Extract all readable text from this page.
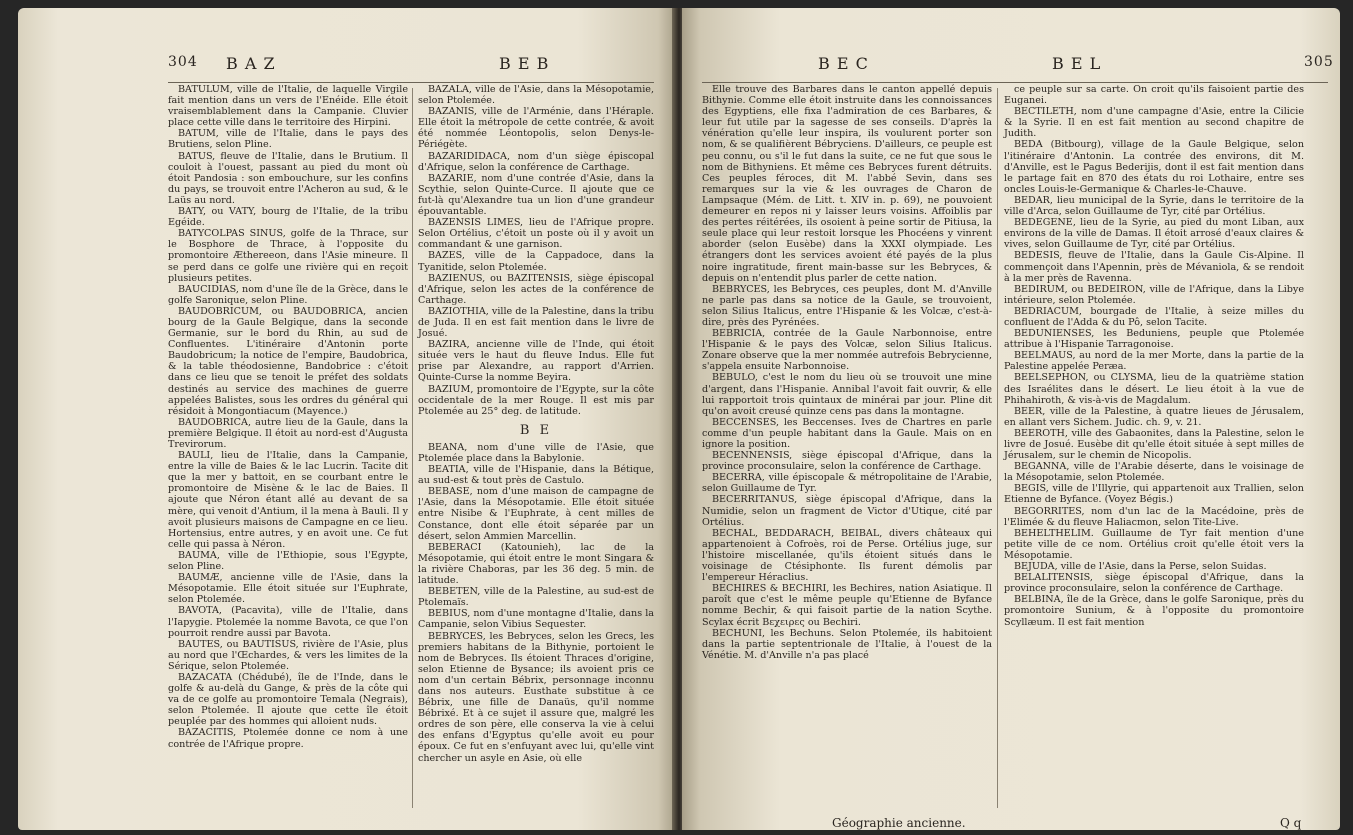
304 B A Z	B E B

BATULUM, ville de l'Italie, de laquelle Virgile fait mention dans un vers de l'Enéide. Elle étoit vraisemblablement dans la Campanie. Cluvier place cette ville dans le territoire des Hirpini.

BATUM, ville de l'Italie, dans le pays des Brutiens, selon Pline.

BATUS, fleuve de l'Italie, dans le Brutium. Il couloit à l'ouest, passant au pied du mont où étoit Pandosia : son embouchure, sur les confins du pays, se trouvoit entre l'Acheron au sud, & le Laüs au nord.

BATY, ou VATY, bourg de l'Italie, de la tribu Egéide.

BATYCOLPAS SINUS, golfe de la Thrace, sur le Bosphore de Thrace, à l'opposite du promontoire Æthereeon, dans l'Asie mineure. Il se perd dans ce golfe une rivière qui en reçoit plusieurs petites.

BAUCIDIAS, nom d'une île de la Grèce, dans le golfe Saronique, selon Pline.

BAUDOBRICUM, ou BAUDOBRICA, ancien bourg de la Gaule Belgique, dans la seconde Germanie, sur le bord du Rhin, au sud de Confluentes. L'itinéraire d'Antonin porte Baudobricum; la notice de l'empire, Baudobrica, & la table théodosienne, Bandobrice : c'étoit dans ce lieu que se tenoit le préfet des soldats destinés au service des machines de guerre appelées Balistes, sous les ordres du général qui résidoit à Mongontiacum (Mayence.)

BAUDOBRICA, autre lieu de la Gaule, dans la première Belgique. Il étoit au nord-est d'Augusta Trevirorum.

BAULI, lieu de l'Italie, dans la Campanie, entre la ville de Baies & le lac Lucrin. Tacite dit que la mer y battoit, en se courbant entre le promontoire de Misène & le lac de Baies. Il ajoute que Néron étant allé au devant de sa mère, qui venoit d'Antium, il la mena à Bauli. Il y avoit plusieurs maisons de Campagne en ce lieu. Hortensius, entre autres, y en avoit une. Ce fut celle qui passa à Néron.

BAUMA, ville de l'Ethiopie, sous l'Egypte, selon Pline.

BAUMÆ, ancienne ville de l'Asie, dans la Mésopotamie. Elle étoit située sur l'Euphrate, selon Ptolemée.

BAVOTA, (Pacavita), ville de l'Italie, dans l'Iapygie. Ptolemée la nomme Bavota, ce que l'on pourroit rendre aussi par Bavota.

BAUTES, ou BAUTISUS, rivière de l'Asie, plus au nord que l'Œchardes, & vers les limites de la Sérique, selon Ptolemée.

BAZACATA (Chédubé), île de l'Inde, dans le golfe & au-delà du Gange, & près de la côte qui va de ce golfe au promontoire Temala (Negrais), selon Ptolemée. Il ajoute que cette île étoit peuplée par des hommes qui alloient nuds.

BAZACITIS, Ptolemée donne ce nom à une contrée de l'Afrique propre.

BAZALA, ville de l'Asie, dans la Mésopotamie, selon Ptolemée.

BAZANIS, ville de l'Arménie, dans l'Héraple. Elle étoit la métropole de cette contrée, & avoit été nommée Léontopolis, selon Denys-le-Périégète.

BAZARIDIDACA, nom d'un siège épiscopal d'Afrique, selon la conférence de Carthage.

BAZARIE, nom d'une contrée d'Asie, dans la Scythie, selon Quinte-Curce. Il ajoute que ce fut-là qu'Alexandre tua un lion d'une grandeur épouvantable.

BAZENSIS LIMES, lieu de l'Afrique propre. Selon Ortélius, c'étoit un poste où il y avoit un commandant & une garnison.

BAZES, ville de la Cappadoce, dans la Tyanitide, selon Ptolemée.

BAZIENUS, ou BAZITENSIS, siège épiscopal d'Afrique, selon les actes de la conférence de Carthage.

BAZIOTHIA, ville de la Palestine, dans la tribu de Juda. Il en est fait mention dans le livre de Josué.

BAZIRA, ancienne ville de l'Inde, qui étoit située vers le haut du fleuve Indus. Elle fut prise par Alexandre, au rapport d'Arrien. Quinte-Curse la nomme Beyira.

BAZIUM, promontoire de l'Egypte, sur la côte occidentale de la mer Rouge. Il est mis par Ptolemée au 25° deg. de latitude.

B E

BEANA, nom d'une ville de l'Asie, que Ptolemée place dans la Babylonie.

BEATIA, ville de l'Hispanie, dans la Bétique, au sud-est & tout près de Castulo.

BEBASE, nom d'une maison de campagne de l'Asie, dans la Mésopotamie. Elle étoit située entre Nisibe & l'Euphrate, à cent milles de Constance, dont elle étoit séparée par un désert, selon Ammien Marcellin.

BEBERACI (Katounieh), lac de la Mésopotamie, qui étoit entre le mont Singara & la rivière Chaboras, par les 36 deg. 5 min. de latitude.

BEBETEN, ville de la Palestine, au sud-est de Ptolemaïs.

BEBIUS, nom d'une montagne d'Italie, dans la Campanie, selon Vibius Sequester.

BEBRYCES, les Bebryces, selon les Grecs, les premiers habitans de la Bithynie, portoient le nom de Bebryces. Ils étoient Thraces d'origine, selon Etienne de Bysance; ils avoient pris ce nom d'un certain Bébrix, personnage inconnu dans nos auteurs. Eusthate substitue à ce Bébrix, une fille de Danaüs, qu'il nomme Bébrixé. Et à ce sujet il assure que, malgré les ordres de son père, elle conserva la vie à celui des enfans d'Egyptus qu'elle avoit eu pour époux. Ce fut en s'enfuyant avec lui, qu'elle vint chercher un asyle en Asie, où elle

B E C	B E L	305

Elle trouve des Barbares dans le canton appellé depuis Bithynie. Comme elle étoit instruite dans les connoissances des Egyptiens, elle fixa l'admiration de ces Barbares, & leur fut utile par la sagesse de ses conseils. D'après la vénération qu'elle leur inspira, ils voulurent porter son nom, & se qualifièrent Bébryciens. D'ailleurs, ce peuple est peu connu, ou s'il le fut dans la suite, ce ne fut que sous le nom de Bithyniens. Et même ces Bebryces furent détruits. Ces peuples féroces, dit M. l'abbé Sevin, dans ses remarques sur la vie & les ouvrages de Charon de Lampsaque (Mém. de Litt. t. XIV in. p. 69), ne pouvoient demeurer en repos ni y laisser leurs voisins. Affoiblis par des pertes réitérées, ils osoient à peine sortir de Pitiusa, la seule place qui leur restoit lorsque les Phocéens y vinrent aborder (selon Eusèbe) dans la XXXI olympiade. Les étrangers dont les services avoient été payés de la plus noire ingratitude, firent main-basse sur les Bebryces, & depuis on n'entendit plus parler de cette nation.

BEBRYCES, les Bebryces, ces peuples, dont M. d'Anville ne parle pas dans sa notice de la Gaule, se trouvoient, selon Silius Italicus, entre l'Hispanie & les Volcæ, c'est-à-dire, près des Pyrénées.

BEBRICIA, contrée de la Gaule Narbonnoise, entre l'Hispanie & le pays des Volcæ, selon Silius Italicus. Zonare observe que la mer nommée autrefois Bebrycienne, s'appela ensuite Narbonnoise.

BEBULO, c'est le nom du lieu où se trouvoit une mine d'argent, dans l'Hispanie. Annibal l'avoit fait ouvrir, & elle lui rapportoit trois quintaux de minérai par jour. Pline dit qu'on avoit creusé quinze cens pas dans la montagne.

BECCENSES, les Beccenses. Ives de Chartres en parle comme d'un peuple habitant dans la Gaule. Mais on en ignore la position.

BECENNENSIS, siège épiscopal d'Afrique, dans la province proconsulaire, selon la conférence de Carthage.

BECERRA, ville épiscopale & métropolitaine de l'Arabie, selon Guillaume de Tyr.

BECERRITANUS, siège épiscopal d'Afrique, dans la Numidie, selon un fragment de Victor d'Utique, cité par Ortélius.

BECHAL, BEDDARACH, BEIBAL, divers châteaux qui appartenoient à Cofroès, roi de Perse. Ortélius juge, sur l'histoire miscellanée, qu'ils étoient situés dans le voisinage de Ctésiphonte. Ils furent démolis par l'empereur Héraclius.

BECHIRES & BECHIRI, les Bechires, nation Asiatique. Il paroît que c'est le même peuple qu'Etienne de Byfance nomme Bechir, & qui faisoit partie de la nation Scythe. Scylax écrit Βεχειρες ou Bechiri.

BECHUNI, les Bechuns. Selon Ptolemée, ils habitoient dans la partie septentrionale de l'Italie, à l'ouest de la Vénétie. M. d'Anville n'a pas placé

ce peuple sur sa carte. On croit qu'ils faisoient partie des Euganei.

BECTILETH, nom d'une campagne d'Asie, entre la Cilicie & la Syrie. Il en est fait mention au second chapitre de Judith.

BEDA (Bitbourg), village de la Gaule Belgique, selon l'itinéraire d'Antonin. La contrée des environs, dit M. d'Anville, est le Pagus Bederijis, dont il est fait mention dans le partage fait en 870 des états du roi Lothaire, entre ses oncles Louis-le-Germanique & Charles-le-Chauve.

BEDAR, lieu municipal de la Syrie, dans le territoire de la ville d'Arca, selon Guillaume de Tyr, cité par Ortélius.

BEDEGENE, lieu de la Syrie, au pied du mont Liban, aux environs de la ville de Damas. Il étoit arrosé d'eaux claires & vives, selon Guillaume de Tyr, cité par Ortélius.

BEDESIS, fleuve de l'Italie, dans la Gaule Cis-Alpine. Il commençoit dans l'Apennin, près de Mévaniola, & se rendoit à la mer près de Ravenna.

BEDIRUM, ou BEDEIRON, ville de l'Afrique, dans la Libye intérieure, selon Ptolemée.

BEDRIACUM, bourgade de l'Italie, à seize milles du confluent de l'Adda & du Pô, selon Tacite.

BEDUNIENSES, les Beduniens, peuple que Ptolemée attribue à l'Hispanie Tarragonoise.

BEELMAUS, au nord de la mer Morte, dans la partie de la Palestine appelée Peræa.

BEELSEPHON, ou CLYSMA, lieu de la quatrième station des Israélites dans le désert. Le lieu étoit à la vue de Phihahiroth, & vis-à-vis de Magdalum.

BEER, ville de la Palestine, à quatre lieues de Jérusalem, en allant vers Sichem. Judic. ch. 9, v. 21.

BEEROTH, ville des Gabaonites, dans la Palestine, selon le livre de Josué. Eusèbe dit qu'elle étoit située à sept milles de Jérusalem, sur le chemin de Nicopolis.

BEGANNA, ville de l'Arabie déserte, dans le voisinage de la Mésopotamie, selon Ptolemée.

BEGIS, ville de l'Illyrie, qui appartenoit aux Trallien, selon Etienne de Byfance. (Voyez Bégis.)

BEGORRITES, nom d'un lac de la Macédoine, près de l'Elimée & du fleuve Haliacmon, selon Tite-Live.

BEHELTHELIM. Guillaume de Tyr fait mention d'une petite ville de ce nom. Ortélius croit qu'elle étoit vers la Mésopotamie.

BEJUDA, ville de l'Asie, dans la Perse, selon Suidas.

BELALITENSIS, siège épiscopal d'Afrique, dans la province proconsulaire, selon la conférence de Carthage.

BELBINA, île de la Grèce, dans le golfe Saronique, près du promontoire Sunium, & à l'opposite du promontoire Scyllæum. Il est fait mention

Géographie ancienne.	Q q
